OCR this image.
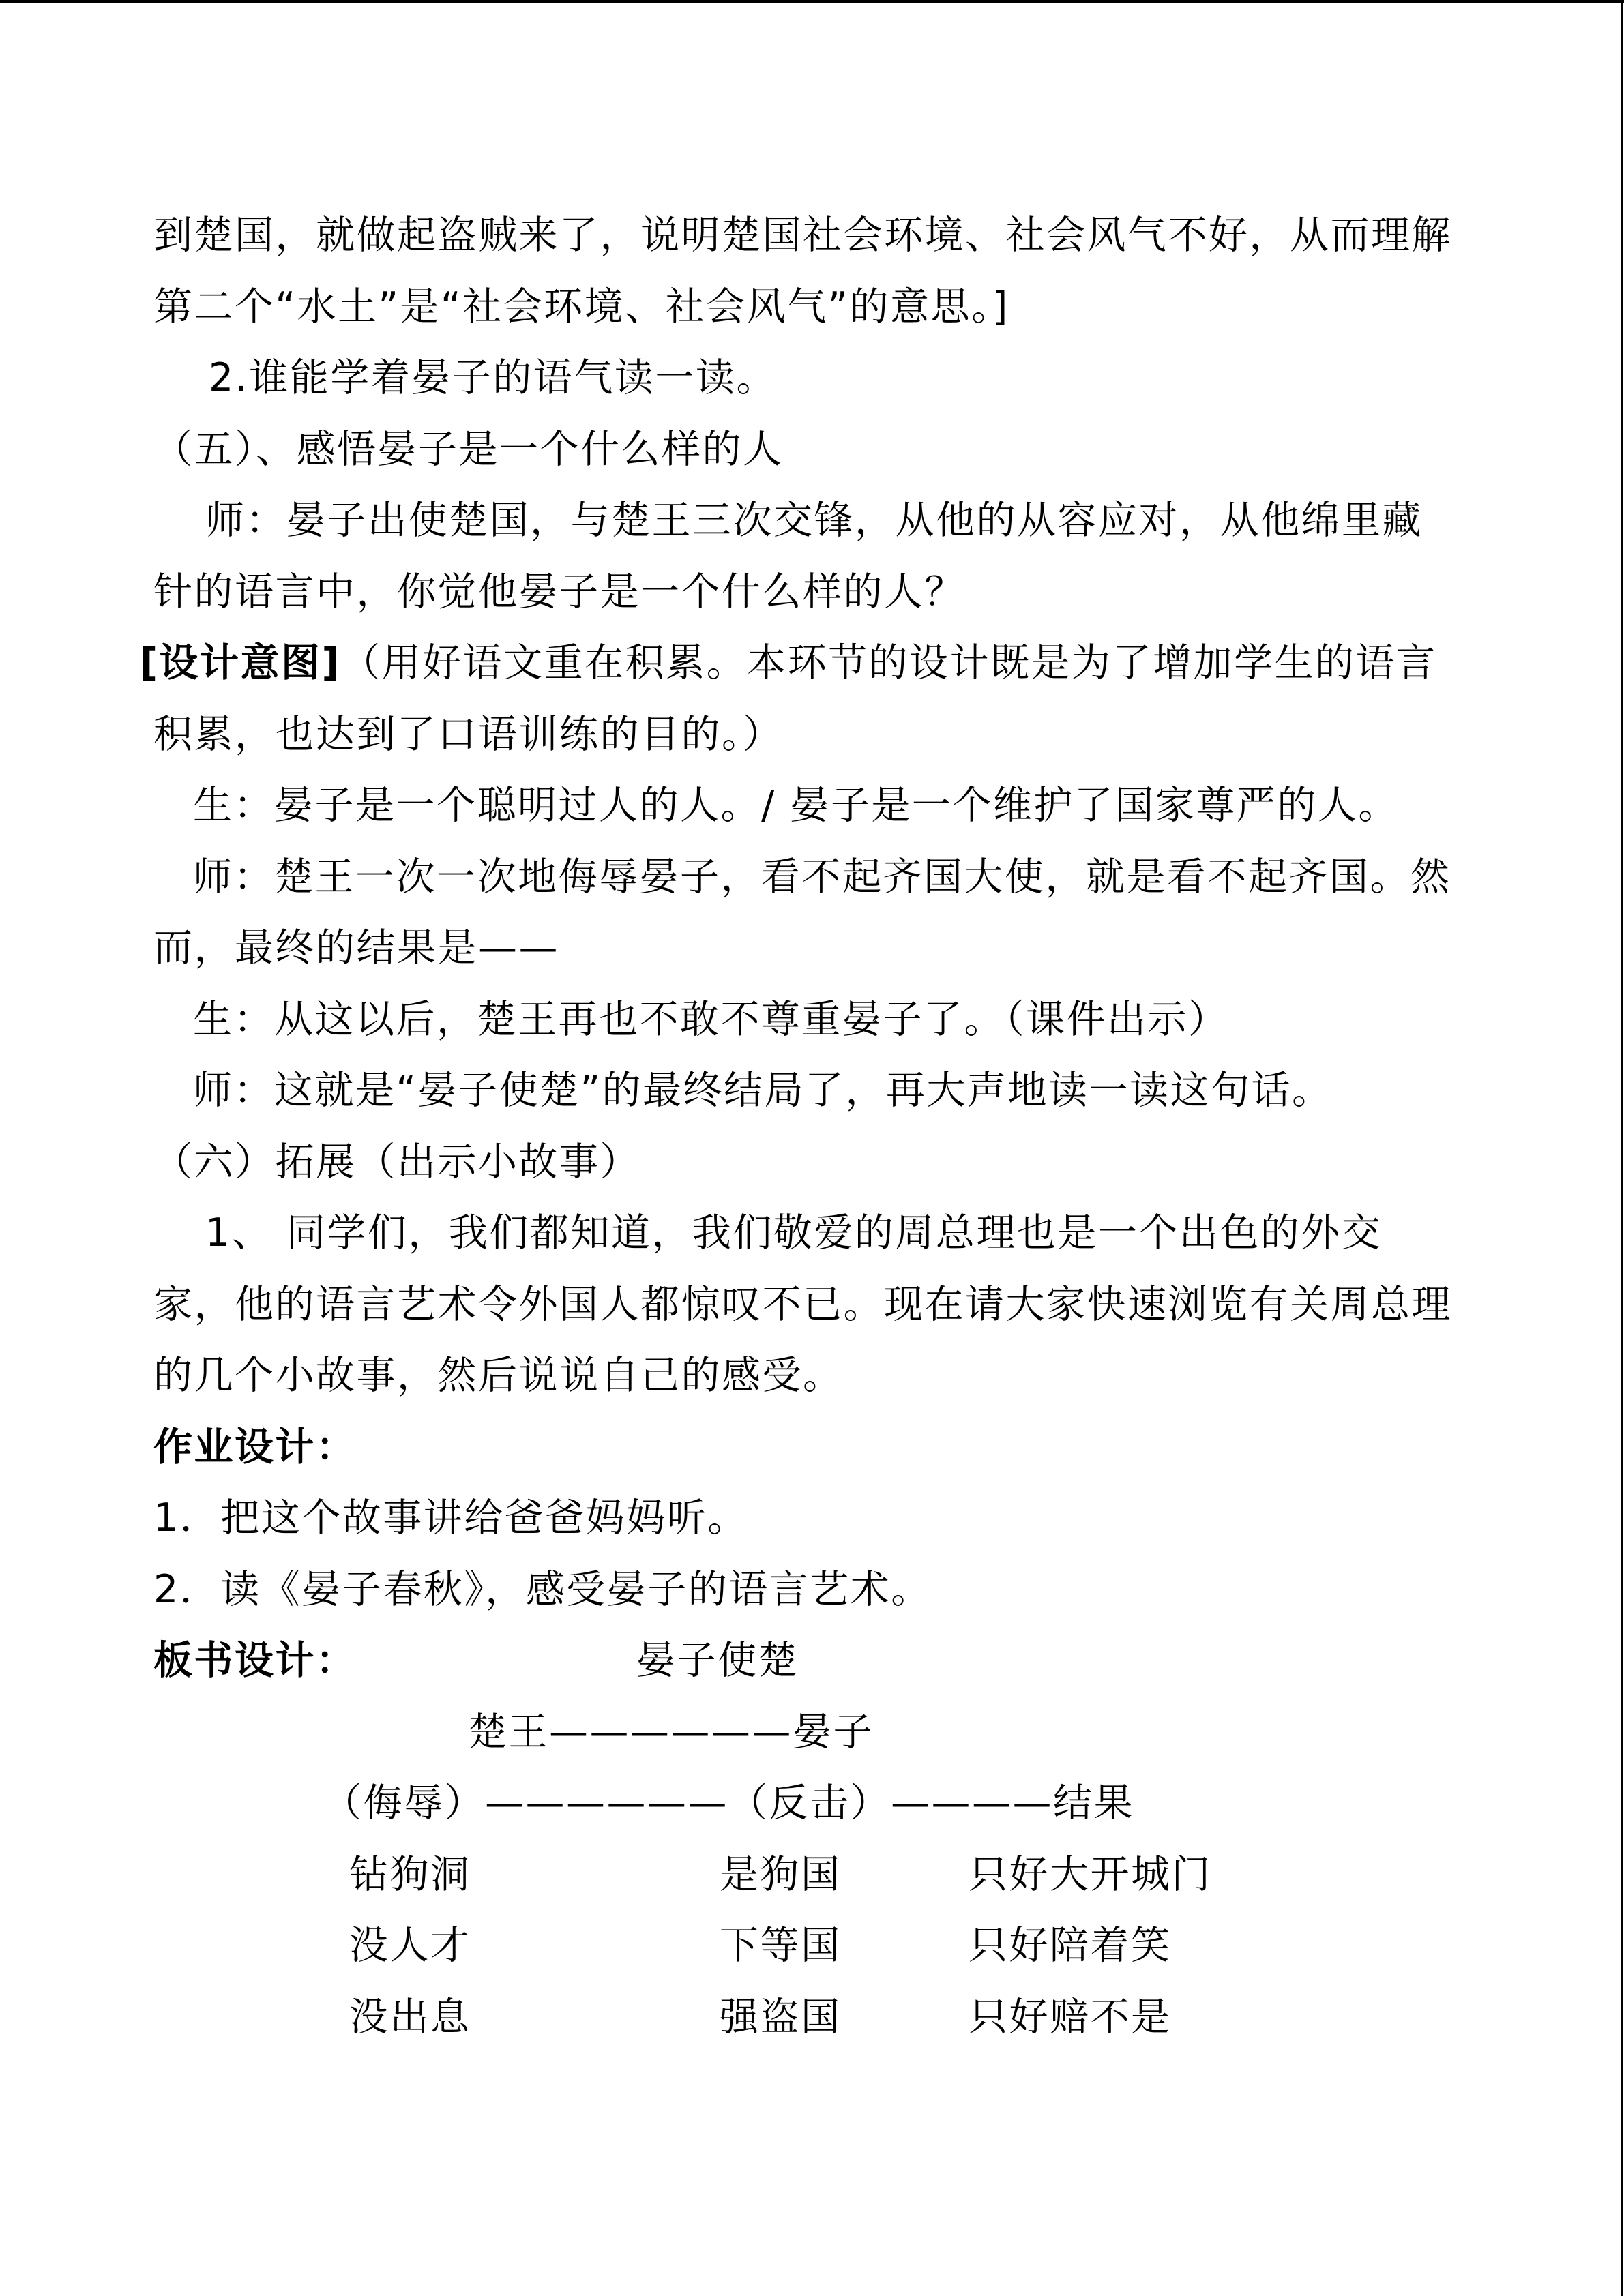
到楚国，就做起盗贼来了，说明楚国社会环境、社会风气不好，从而理解
第二个“水土”是“社会环境、社会风气”的意思。]
2.谁能学着晏子的语气读一读。
（五）、感悟晏子是一个什么样的人
师：晏子出使楚国，与楚王三次交锋，从他的从容应对，从他绵里藏
针的语言中，你觉他晏子是一个什么样的人？
[设计意图]（用好语文重在积累。本环节的设计既是为了增加学生的语言
积累，也达到了口语训练的目的。）
生：晏子是一个聪明过人的人。/ 晏子是一个维护了国家尊严的人。
师：楚王一次一次地侮辱晏子，看不起齐国大使，就是看不起齐国。然
而，最终的结果是——
生：从这以后，楚王再也不敢不尊重晏子了。（课件出示）
师：这就是“晏子使楚”的最终结局了，再大声地读一读这句话。
（六）拓展（出示小故事）
1、 同学们，我们都知道，我们敬爱的周总理也是一个出色的外交
家，他的语言艺术令外国人都惊叹不已。现在请大家快速浏览有关周总理
的几个小故事，然后说说自己的感受。
作业设计：
1．把这个故事讲给爸爸妈妈听。
2．读《晏子春秋》，感受晏子的语言艺术。
板书设计：	晏子使楚
楚王——————晏子
（侮辱）——————（反击）————结果
钻狗洞	是狗国	只好大开城门
没人才	下等国	只好陪着笑
没出息	强盗国	只好赔不是
